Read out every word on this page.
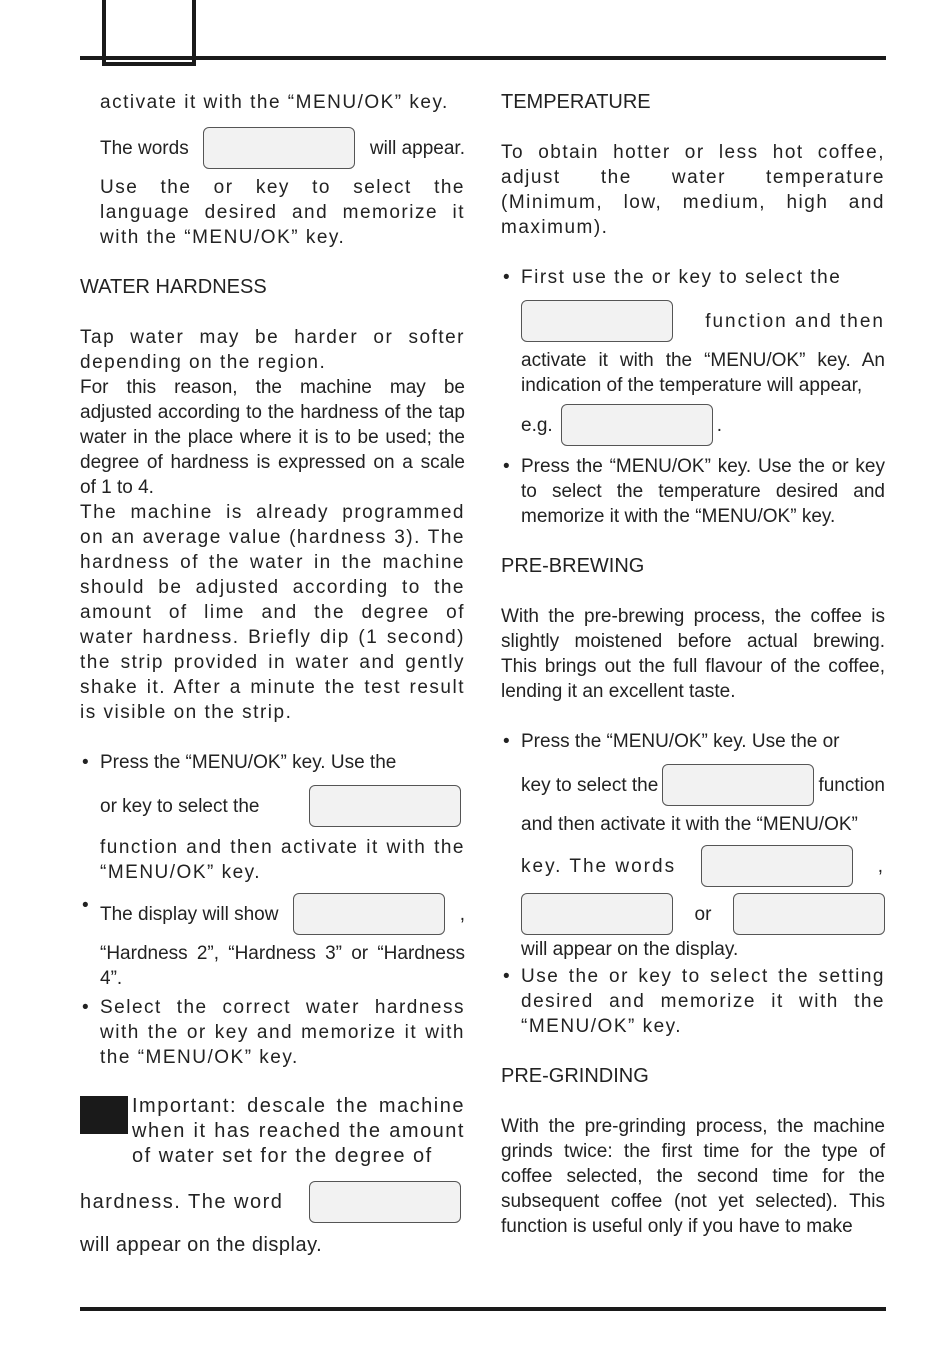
activate it with the “MENU/OK” key.

The words	will appear.

Use the or key to select the language desired and memorize it with the “MENU/OK” key.

WATER HARDNESS

Tap water may be harder or softer depending on the region.

For this reason, the machine may be adjusted according to the hardness of the tap water in the place where it is to be used; the degree of hardness is expressed on a scale of 1 to 4.

The machine is already programmed on an average value (hardness 3). The hardness of the water in the machine should be adjusted according to the amount of lime and the degree of water hardness. Briefly dip (1 second) the strip provided in water and gently shake it. After a minute the test result is visible on the strip.

• Press the “MENU/OK” key. Use the

or key to select the

function and then activate it with the “MENU/OK” key.

• The display will show	,

“Hardness 2”, “Hardness 3” or “Hardness 4”.

• Select the correct water hardness with the or key and memorize it with the “MENU/OK” key.

Important: descale the machine when it has reached the amount of water set for the degree of

hardness. The word

will appear on the display.

TEMPERATURE

To obtain hotter or less hot coffee, adjust the water temperature (Minimum, low, medium, high and maximum).

• First use the or key to select the

function and then

activate it with the “MENU/OK” key. An indication of the temperature will appear,

e.g.	.

• Press the “MENU/OK” key. Use the or key to select the temperature desired and memorize it with the “MENU/OK” key.

PRE-BREWING

With the pre-brewing process, the coffee is slightly moistened before actual brewing. This brings out the full flavour of the coffee, lending it an excellent taste.

• Press the “MENU/OK” key. Use the or

key to select the	function

and then activate it with the “MENU/OK”

key. The words	,

or

will appear on the display.

• Use the or key to select the setting desired and memorize it with the “MENU/OK” key.

PRE-GRINDING

With the pre-grinding process, the machine grinds twice: the first time for the type of coffee selected, the second time for the subsequent coffee (not yet selected). This function is useful only if you have to make
